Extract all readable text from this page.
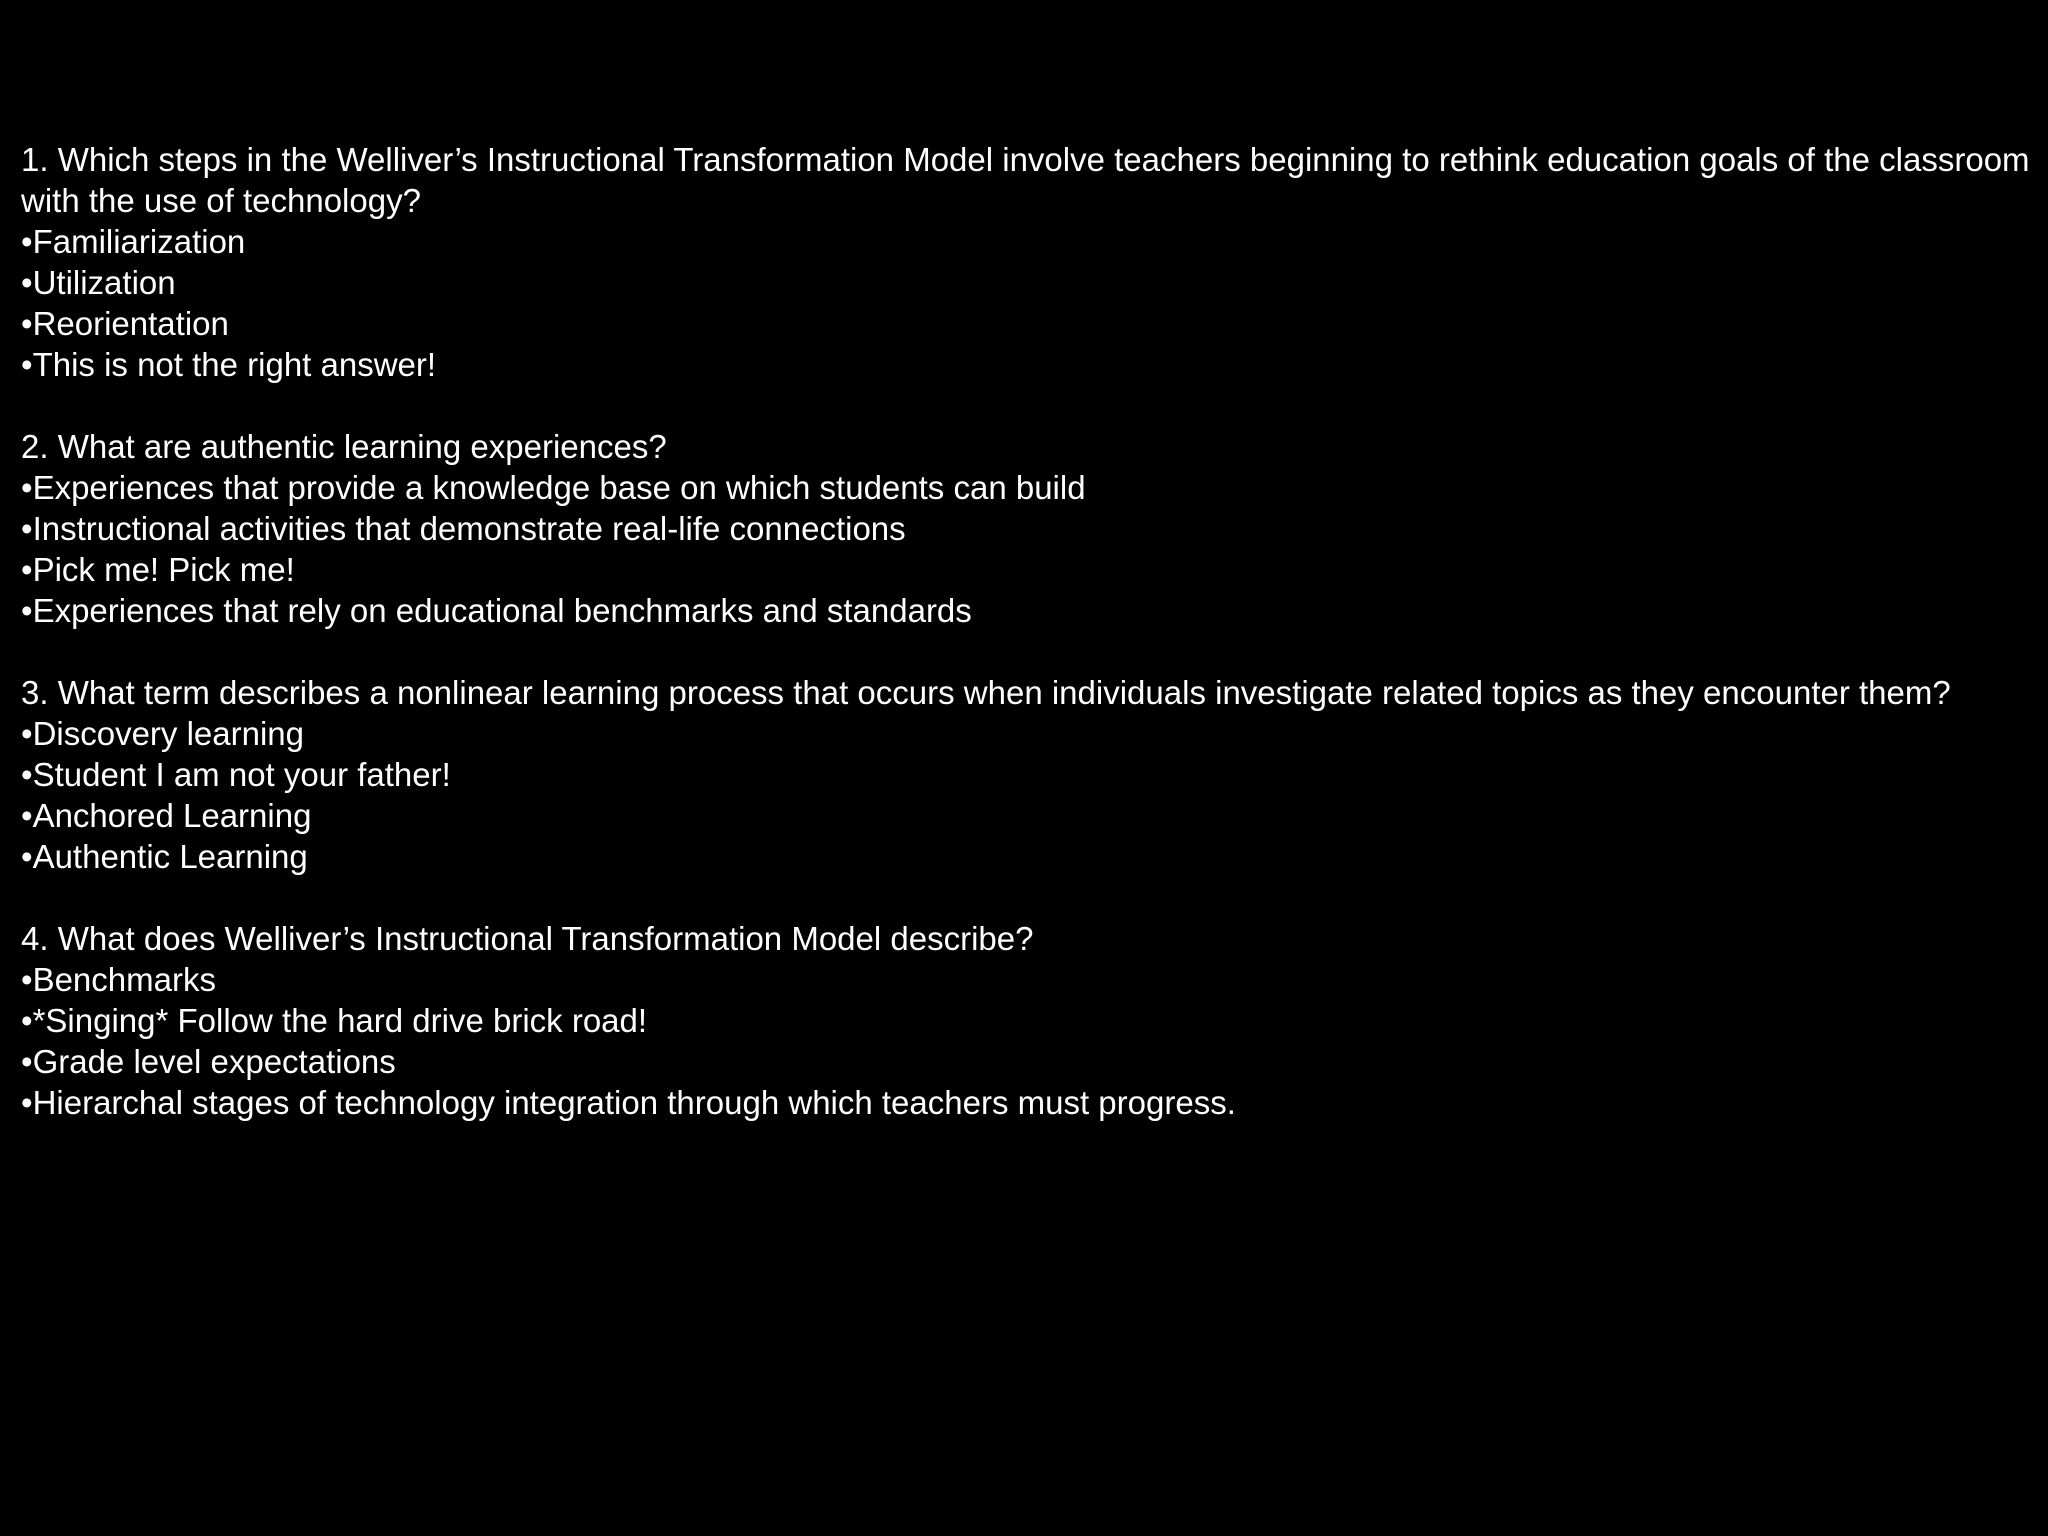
1. Which steps in the Welliver’s Instructional Transformation Model involve teachers beginning to rethink education goals of the classroom with the use of technology?

•Familiarization

•Utilization

•Reorientation

•This is not the right answer!

2. What are authentic learning experiences?

•Experiences that provide a knowledge base on which students can build

•Instructional activities that demonstrate real-life connections

•Pick me! Pick me!

•Experiences that rely on educational benchmarks and standards

3. What term describes a nonlinear learning process that occurs when individuals investigate related topics as they encounter them?

•Discovery learning

•Student I am not your father!

•Anchored Learning

•Authentic Learning

4. What does Welliver’s Instructional Transformation Model describe?

•Benchmarks

•*Singing* Follow the hard drive brick road!

•Grade level expectations

•Hierarchal stages of technology integration through which teachers must progress.
